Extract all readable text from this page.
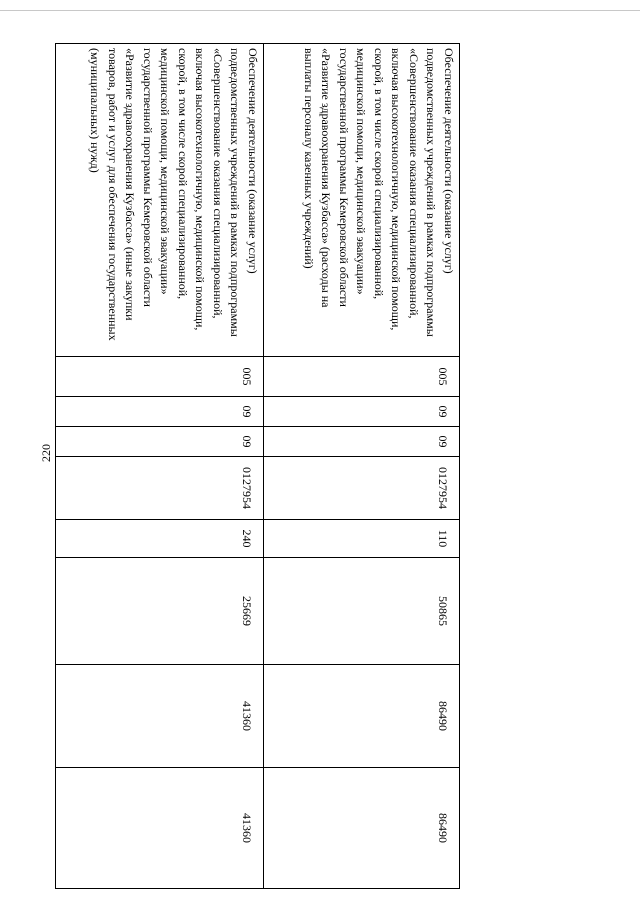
220
Обеспечение деятельности (оказание услуг) подведомственных учреждений в рамках подпрограммы «Совершенствование оказания специализированной, включая высокотехнологичную, медицинской помощи, скорой, в том числе скорой специализированной, медицинской помощи, медицинской эвакуации» государственной программы Кемеровской области «Развитие здравоохранения Кузбасса» (расходы на выплаты персоналу казенных учреждений)	005	09	09	0127954	110	50865	86490	86490
Обеспечение деятельности (оказание услуг) подведомственных учреждений в рамках подпрограммы «Совершенствование оказания специализированной, включая высокотехнологичную, медицинской помощи, скорой, в том числе скорой специализированной, медицинской помощи, медицинской эвакуации» государственной программы Кемеровской области «Развитие здравоохранения Кузбасса» (иные закупки товаров, работ и услуг для обеспечения государственных (муниципальных) нужд)	005	09	09	0127954	240	25669	41360	41360
